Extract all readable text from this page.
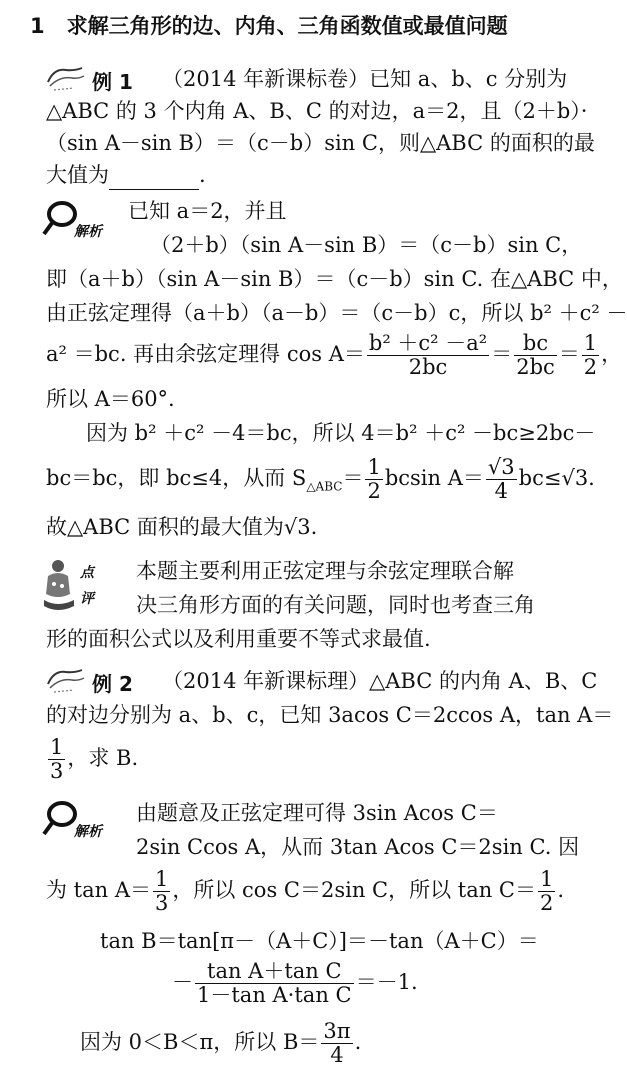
1 求解三角形的边、内角、三角函数值或最值问题
例 1 （2014 年新课标卷）已知 a、b、c 分别为
△ABC 的 3 个内角 A、B、C 的对边，a＝2，且（2＋b）·
（sin A－sin B）＝（c－b）sin C，则△ABC 的面积的最
大值为	.
解析
已知 a＝2，并且
（2＋b）（sin A－sin B）＝（c－b）sin C，
即（a＋b）（sin A－sin B）＝（c－b）sin C. 在△ABC 中，
由正弦定理得（a＋b）（a－b）＝（c－b）c，所以 b² ＋c² －
a² ＝bc. 再由余弦定理得 $\cos A= \frac{\text{b² ＋c² －a²}}{2bc} = \frac{bc}{2bc} = \frac{1}{2}$ ，
所以 A＝60°.
因为 b² ＋c² －4＝bc，所以 4＝b² ＋c² －bc≥2bc－
bc＝bc，即 bc≤4，从而 $S_{\triangle ABC}= \frac{1}{2}$ bcsin $A= \frac{√3}{4} bc\le√3$.
故△ABC 面积的最大值为√3.
点
评
本题主要利用正弦定理与余弦定理联合解
决三角形方面的有关问题，同时也考查三角
形的面积公式以及利用重要不等式求最值.
例 2 （2014 年新课标理）△ABC 的内角 A、B、C
的对边分别为 a、b、c，已知 3acos C＝2ccos A，tan A＝
$\frac{1}{3}$ ，求 B.
解析
由题意及正弦定理可得 3sin Acos C＝
2sin Ccos A，从而 3tan Acos C＝2sin C. 因
为 $\tan A= \frac{1}{3}$ ，所以 cos C＝2sin C，所以 $\tan C= \frac{1}{2}$ .
tan B＝tan[π－（A＋C）]＝－tan（A＋C）＝
－ $\frac{\text{tan A＋tan C}}{\text{1－tan A·tan C}} =-1$.
因为 0＜B＜π，所以 $B= \frac{3\pi}{4}$ .
